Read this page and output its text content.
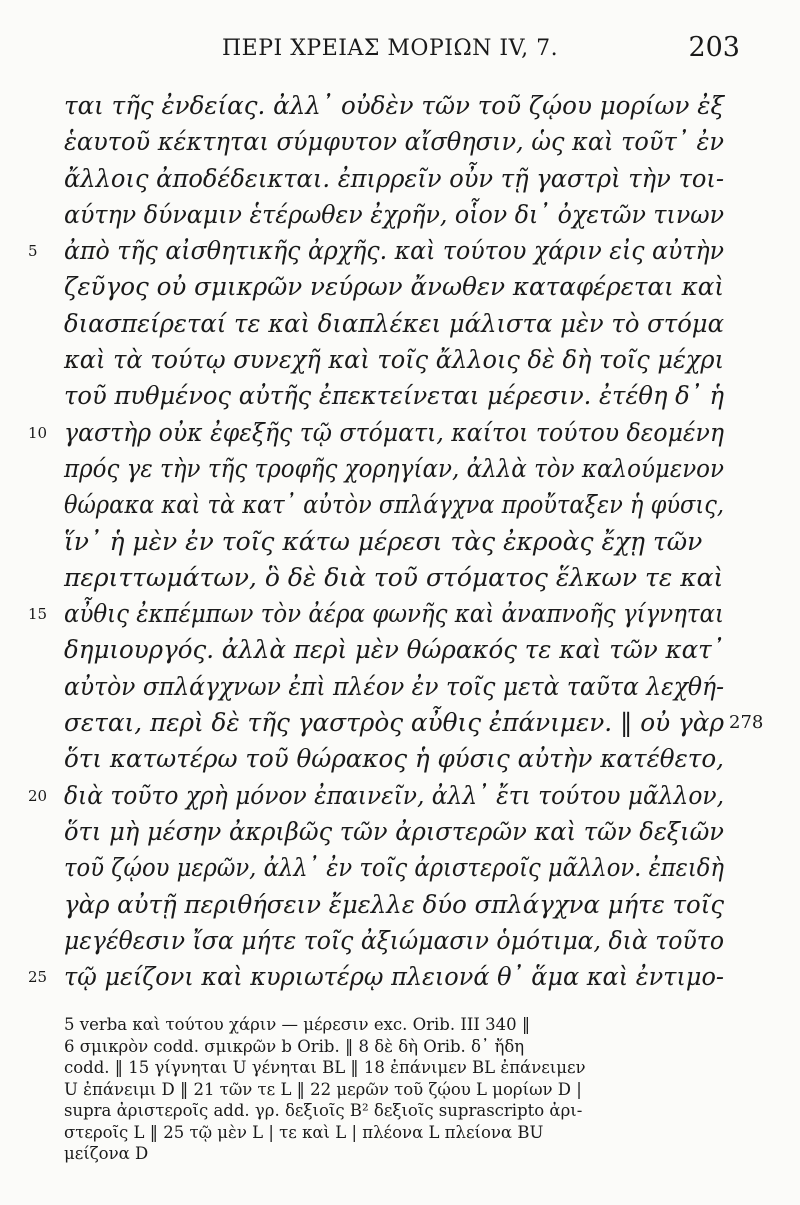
ΠΕΡΙ ΧΡΕΙΑΣ ΜΟΡΙΩΝ IV, 7.	203
ται τῆς ἐνδείας. ἀλλ᾽ οὐδὲν τῶν τοῦ ζῴου μορίων ἐξ
ἑαυτοῦ κέκτηται σύμφυτον αἴσθησιν, ὡς καὶ τοῦτ᾽ ἐν
ἄλλοις ἀποδέδεικται. ἐπιρρεῖν οὖν τῇ γαστρὶ τὴν τοι-
αύτην δύναμιν ἑτέρωθεν ἐχρῆν, οἷον δι᾽ ὀχετῶν τινων
ἀπὸ τῆς αἰσθητικῆς ἀρχῆς. καὶ τούτου χάριν εἰς αὐτὴν
5
ζεῦγος οὐ σμικρῶν νεύρων ἄνωθεν καταφέρεται καὶ
διασπείρεταί τε καὶ διαπλέκει μάλιστα μὲν τὸ στόμα
καὶ τὰ τούτῳ συνεχῆ καὶ τοῖς ἄλλοις δὲ δὴ τοῖς μέχρι
τοῦ πυθμένος αὐτῆς ἐπεκτείνεται μέρεσιν. ἐτέθη δ᾽ ἡ
γαστὴρ οὐκ ἐφεξῆς τῷ στόματι, καίτοι τούτου δεομένη
10
πρός γε τὴν τῆς τροφῆς χορηγίαν, ἀλλὰ τὸν καλούμενον
θώρακα καὶ τὰ κατ᾽ αὐτὸν σπλάγχνα προὔταξεν ἡ φύσις,
ἵν᾽ ἡ μὲν ἐν τοῖς κάτω μέρεσι τὰς ἐκροὰς ἔχῃ τῶν
περιττωμάτων, ὃ δὲ διὰ τοῦ στόματος ἕλκων τε καὶ
αὖθις ἐκπέμπων τὸν ἀέρα φωνῆς καὶ ἀναπνοῆς γίγνηται
15
δημιουργός. ἀλλὰ περὶ μὲν θώρακός τε καὶ τῶν κατ᾽
αὐτὸν σπλάγχνων ἐπὶ πλέον ἐν τοῖς μετὰ ταῦτα λεχθή-
σεται, περὶ δὲ τῆς γαστρὸς αὖθις ἐπάνιμεν. ‖ οὐ γὰρ 278
ὅτι κατωτέρω τοῦ θώρακος ἡ φύσις αὐτὴν κατέθετο,
διὰ τοῦτο χρὴ μόνον ἐπαινεῖν, ἀλλ᾽ ἔτι τούτου μᾶλλον,
20
ὅτι μὴ μέσην ἀκριβῶς τῶν ἀριστερῶν καὶ τῶν δεξιῶν
τοῦ ζῴου μερῶν, ἀλλ᾽ ἐν τοῖς ἀριστεροῖς μᾶλλον. ἐπειδὴ
γὰρ αὐτῇ περιθήσειν ἔμελλε δύο σπλάγχνα μήτε τοῖς
μεγέθεσιν ἴσα μήτε τοῖς ἀξιώμασιν ὁμότιμα, διὰ τοῦτο
τῷ μείζονι καὶ κυριωτέρῳ πλειονά θ᾽ ἅμα καὶ ἐντιμο-
25
5 verba καὶ τούτου χάριν — μέρεσιν exc. Orib. III 340 ‖
6 σμικρὸν codd. σμικρῶν b Orib. ‖ 8 δὲ δὴ Orib. δ᾽ ἤδη
codd. ‖ 15 γίγνηται U γένηται BL ‖ 18 ἐπάνιμεν BL ἐπάνειμεν
U ἐπάνειμι D ‖ 21 τῶν τε L ‖ 22 μερῶν τοῦ ζῴου L μορίων D |
supra ἀριστεροῖς add. γρ. δεξιοῖς B² δεξιοῖς suprascripto ἀρι-
στεροῖς L ‖ 25 τῷ μὲν L | τε καὶ L | πλέονα L πλείονα BU
μείζονα D
